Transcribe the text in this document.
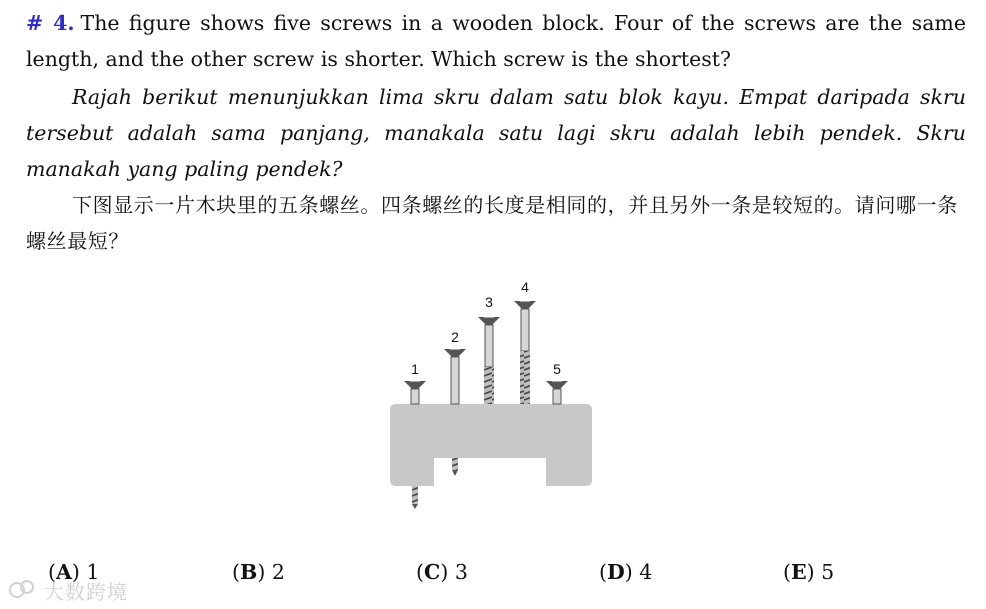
# 4. The figure shows five screws in a wooden block. Four of the screws are the same length, and the other screw is shorter. Which screw is the shortest?
Rajah berikut menunjukkan lima skru dalam satu blok kayu. Empat daripada skru tersebut adalah sama panjang, manakala satu lagi skru adalah lebih pendek. Skru manakah yang paling pendek?
下图显示一片木块里的五条螺丝。四条螺丝的长度是相同的，并且另外一条是较短的。请问哪一条螺丝最短？
1
2
3
4
5
(A) 1	(B) 2	(C) 3	(D) 4	(E) 5
大数跨境
